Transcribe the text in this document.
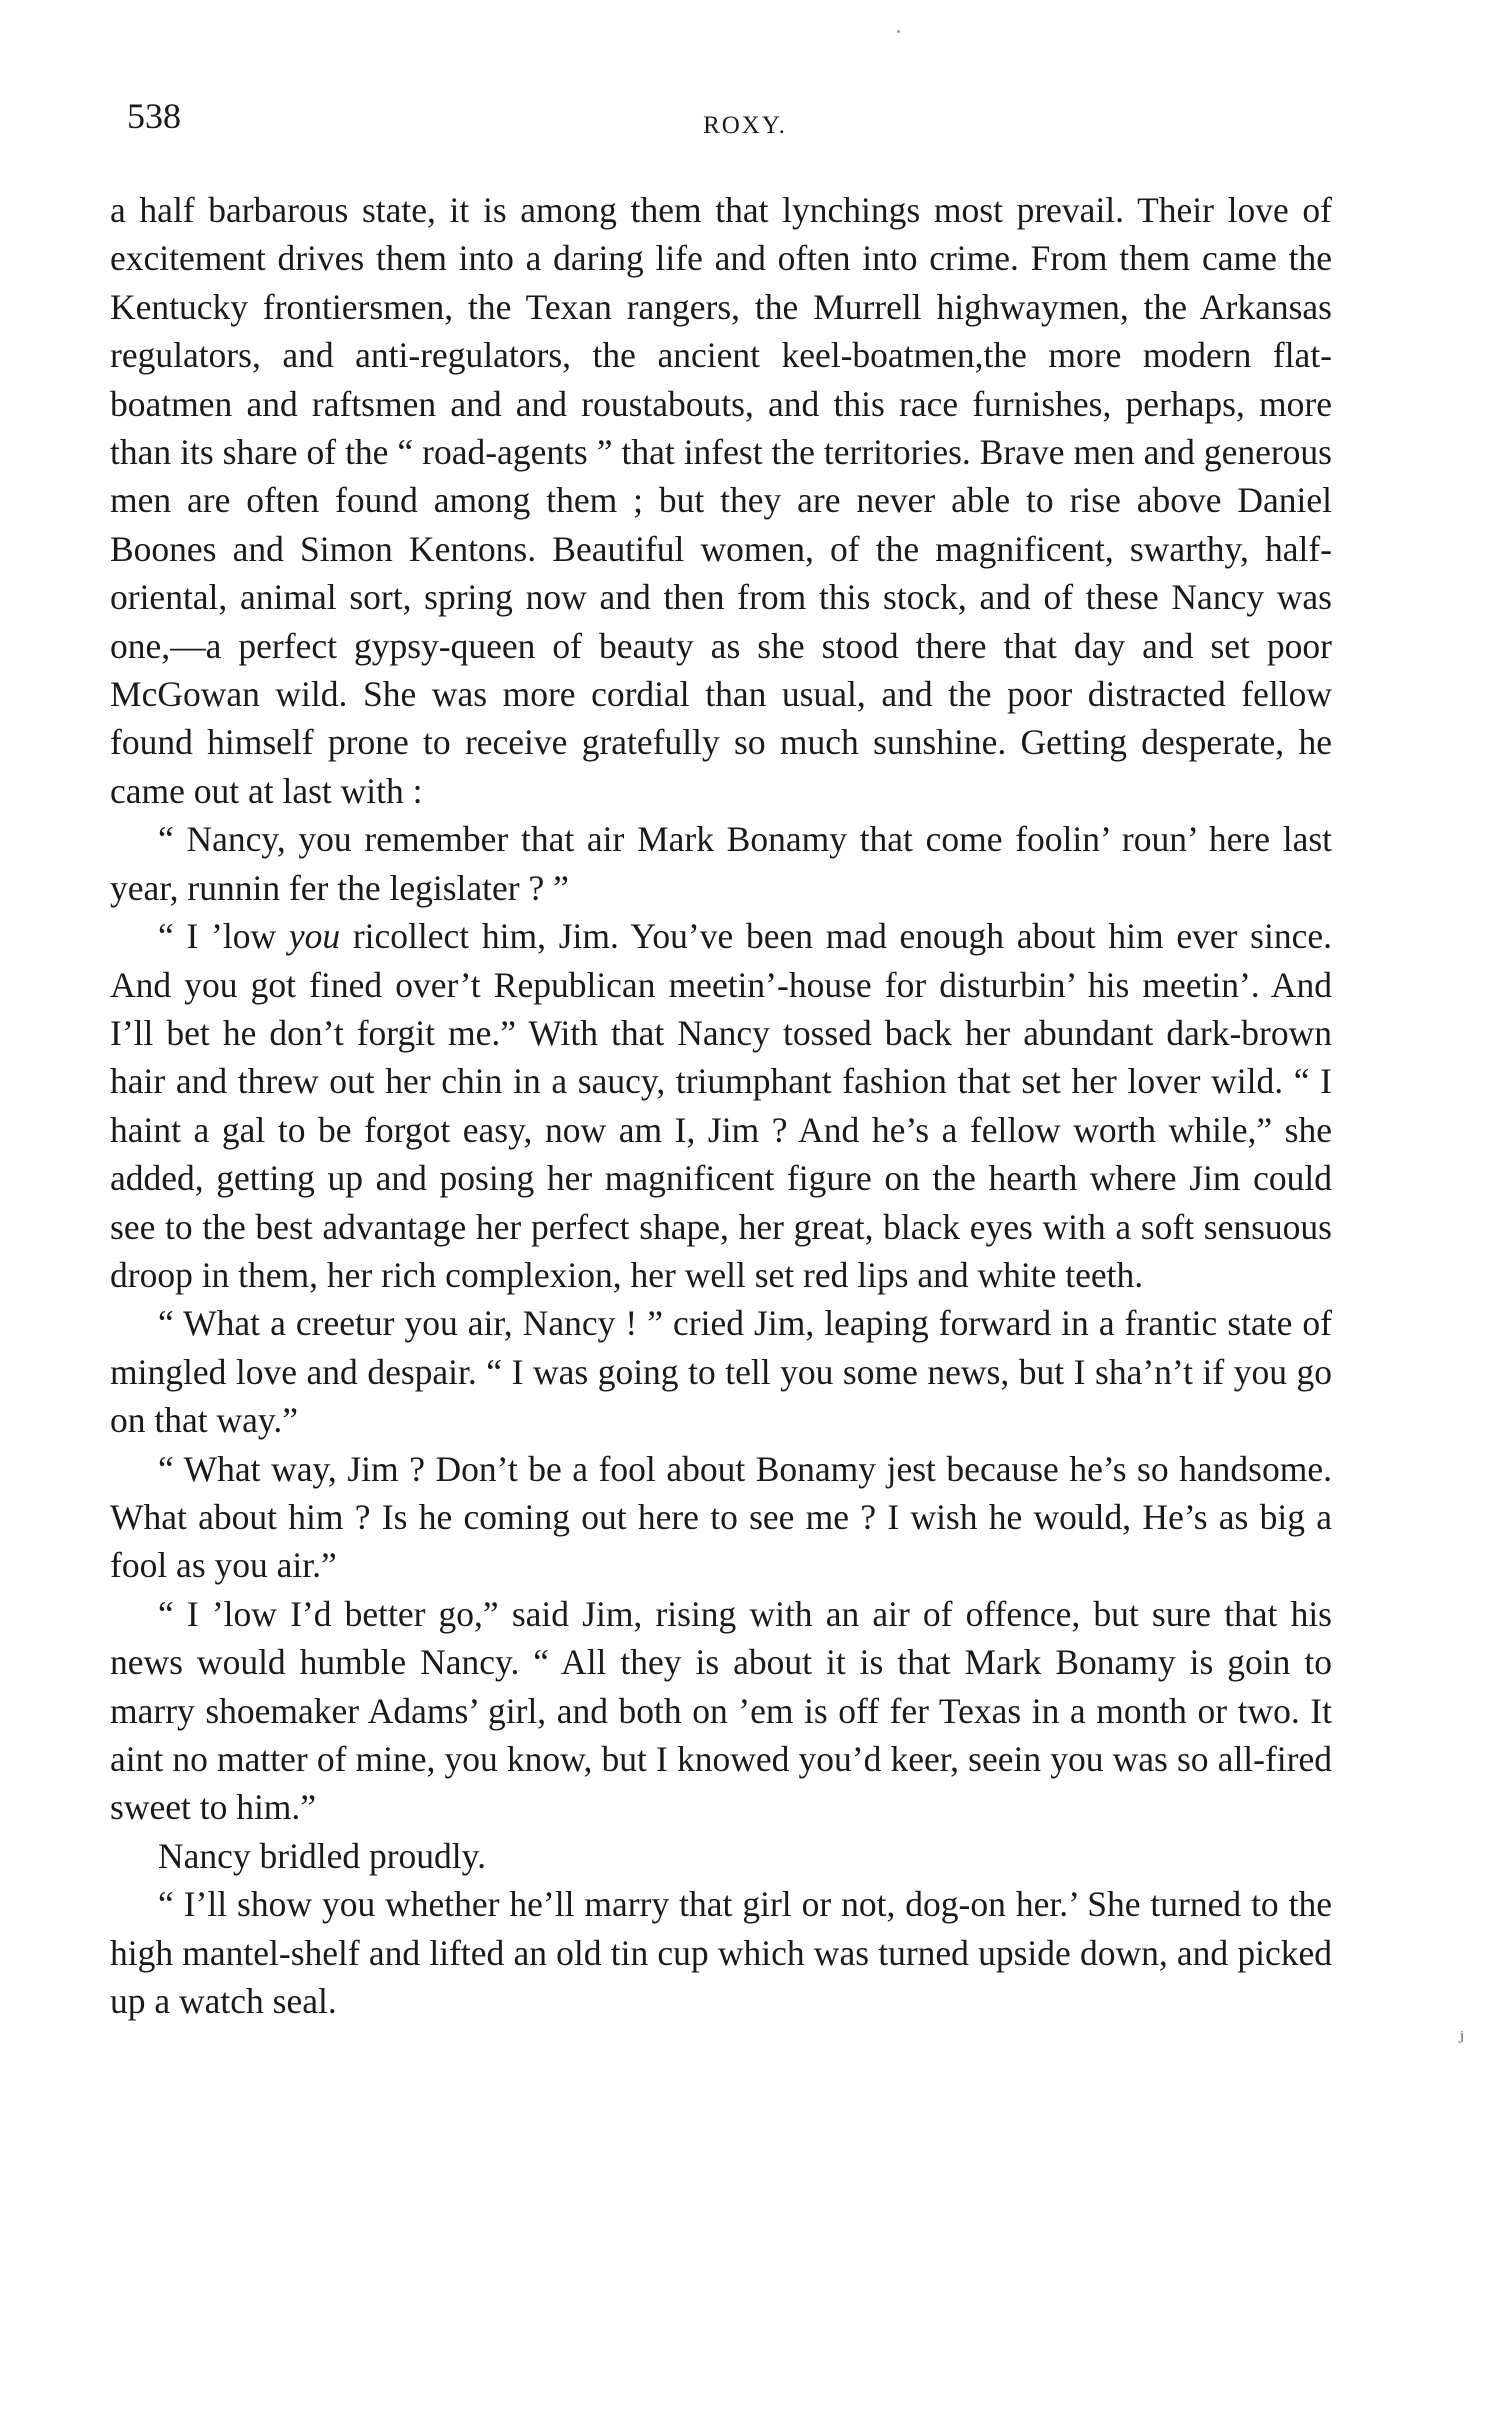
538	ROXY.

a half barbarous state, it is among them that lynchings most prevail. Their love of excitement drives them into a daring life and often into crime. From them came the Kentucky frontiersmen, the Texan rangers, the Murrell highwaymen, the Arkansas regulators, and anti-regulators, the ancient keel-boatmen,the more modern flat-boatmen and raftsmen and and roustabouts, and this race furnishes, perhaps, more than its share of the “ road-agents ” that infest the territories. Brave men and generous men are often found among them ; but they are never able to rise above Daniel Boones and Simon Kentons. Beautiful women, of the magnificent, swarthy, half-oriental, animal sort, spring now and then from this stock, and of these Nancy was one,—a perfect gypsy-queen of beauty as she stood there that day and set poor McGowan wild. She was more cordial than usual, and the poor distracted fellow found himself prone to receive gratefully so much sunshine. Getting desperate, he came out at last with :

“ Nancy, you remember that air Mark Bonamy that come foolin’ roun’ here last year, runnin fer the legislater ? ”

“ I ’low you ricollect him, Jim. You’ve been mad enough about him ever since. And you got fined over’t Republican meetin’-house for disturbin’ his meetin’. And I’ll bet he don’t forgit me.” With that Nancy tossed back her abundant dark-brown hair and threw out her chin in a saucy, triumphant fashion that set her lover wild. “ I haint a gal to be forgot easy, now am I, Jim ? And he’s a fellow worth while,” she added, getting up and posing her magnificent figure on the hearth where Jim could see to the best advantage her perfect shape, her great, black eyes with a soft sensuous droop in them, her rich complexion, her well set red lips and white teeth.

“ What a creetur you air, Nancy ! ” cried Jim, leaping forward in a frantic state of mingled love and despair. “ I was going to tell you some news, but I sha’n’t if you go on that way.”

“ What way, Jim ? Don’t be a fool about Bonamy jest because he’s so handsome. What about him ? Is he coming out here to see me ? I wish he would, He’s as big a fool as you air.”

“ I ’low I’d better go,” said Jim, rising with an air of offence, but sure that his news would humble Nancy. “ All they is about it is that Mark Bonamy is goin to marry shoemaker Adams’ girl, and both on ’em is off fer Texas in a month or two. It aint no matter of mine, you know, but I knowed you’d keer, seein you was so all-fired sweet to him.”

Nancy bridled proudly.

“ I’ll show you whether he’ll marry that girl or not, dog-on her.’ She turned to the high mantel-shelf and lifted an old tin cup which was turned upside down, and picked up a watch seal.

ⱼ
